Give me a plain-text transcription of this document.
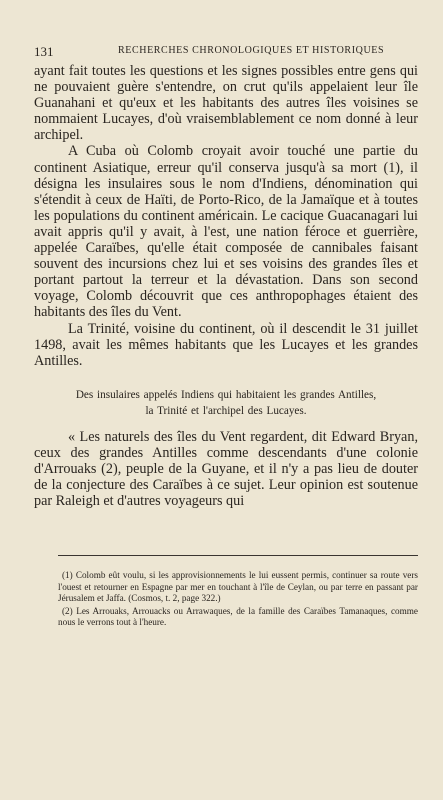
131	RECHERCHES CHRONOLOGIQUES ET HISTORIQUES

ayant fait toutes les questions et les signes possibles entre gens qui ne pouvaient guère s'entendre, on crut qu'ils appelaient leur île Guanahani et qu'eux et les habitants des autres îles voisines se nommaient Lucayes, d'où vraisemblablement ce nom donné à leur archipel.

A Cuba où Colomb croyait avoir touché une partie du continent Asiatique, erreur qu'il conserva jusqu'à sa mort (1), il désigna les insulaires sous le nom d'Indiens, dénomination qui s'étendit à ceux de Haïti, de Porto-Rico, de la Jamaïque et à toutes les populations du continent américain. Le cacique Guacanagari lui avait appris qu'il y avait, à l'est, une nation féroce et guerrière, appelée Caraïbes, qu'elle était composée de cannibales faisant souvent des incursions chez lui et ses voisins des grandes îles et portant partout la terreur et la dévastation. Dans son second voyage, Colomb découvrit que ces anthropophages étaient des habitants des îles du Vent.

La Trinité, voisine du continent, où il descendit le 31 juillet 1498, avait les mêmes habitants que les Lucayes et les grandes Antilles.

Des insulaires appelés Indiens qui habitaient les grandes Antilles,
la Trinité et l'archipel des Lucayes.

« Les naturels des îles du Vent regardent, dit Edward Bryan, ceux des grandes Antilles comme descendants d'une colonie d'Arrouaks (2), peuple de la Guyane, et il n'y a pas lieu de douter de la conjecture des Caraïbes à ce sujet. Leur opinion est soutenue par Raleigh et d'autres voyageurs qui

(1) Colomb eût voulu, si les approvisionnements le lui eussent permis, continuer sa route vers l'ouest et retourner en Espagne par mer en touchant à l'île de Ceylan, ou par terre en passant par Jérusalem et Jaffa. (Cosmos, t. 2, page 322.)

(2) Les Arrouaks, Arrouacks ou Arrawaques, de la famille des Caraïbes Tamanaques, comme nous le verrons tout à l'heure.
